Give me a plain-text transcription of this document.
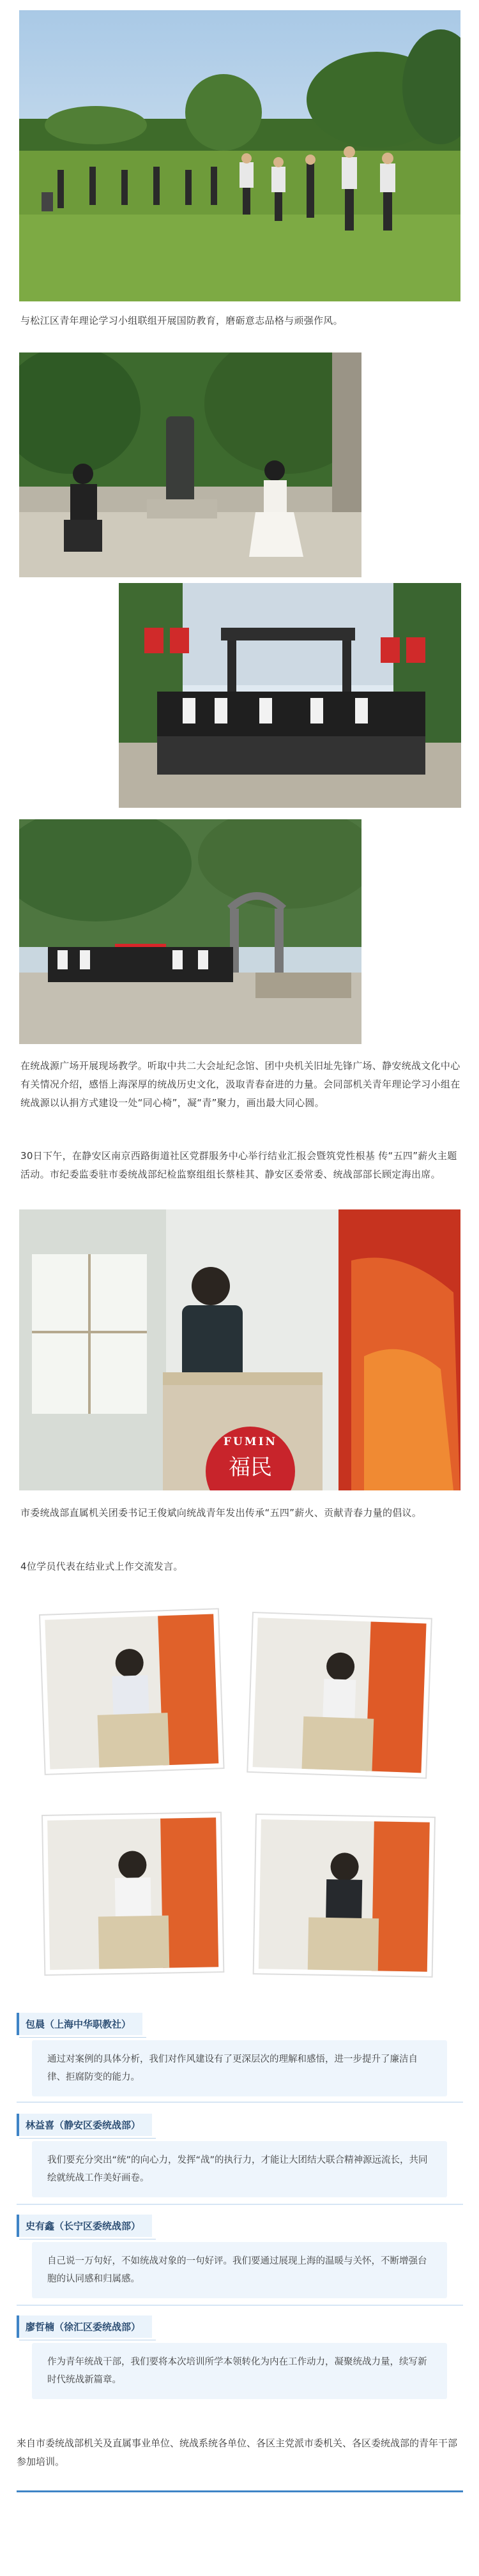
与松江区青年理论学习小组联组开展国防教育，磨砺意志品格与顽强作风。

在统战源广场开展现场教学。听取中共二大会址纪念馆、团中央机关旧址先锋广场、静安统战文化中心有关情况介绍，感悟上海深厚的统战历史文化，汲取青春奋进的力量。会同部机关青年理论学习小组在统战源以认捐方式建设一处“同心椅”，凝“青”聚力，画出最大同心圆。

30日下午，在静安区南京西路街道社区党群服务中心举行结业汇报会暨筑党性根基 传“五四”薪火主题活动。市纪委监委驻市委统战部纪检监察组组长蔡桂其、静安区委常委、统战部部长顾定海出席。

FUMIN
福民

市委统战部直属机关团委书记王俊斌向统战青年发出传承“五四”薪火、贡献青春力量的倡议。

4位学员代表在结业式上作交流发言。

包晨（上海中华职教社）
通过对案例的具体分析，我们对作风建设有了更深层次的理解和感悟，进一步提升了廉洁自律、拒腐防变的能力。
林益喜（静安区委统战部）
我们要充分突出“统”的向心力，发挥“战”的执行力，才能让大团结大联合精神源远流长，共同绘就统战工作美好画卷。
史有鑫（长宁区委统战部）
自己说一万句好，不如统战对象的一句好评。我们要通过展现上海的温暖与关怀，不断增强台胞的认同感和归属感。
廖哲楠（徐汇区委统战部）
作为青年统战干部，我们要将本次培训所学本领转化为内在工作动力，凝聚统战力量，续写新时代统战新篇章。

来自市委统战部机关及直属事业单位、统战系统各单位、各区主党派市委机关、各区委统战部的青年干部参加培训。
